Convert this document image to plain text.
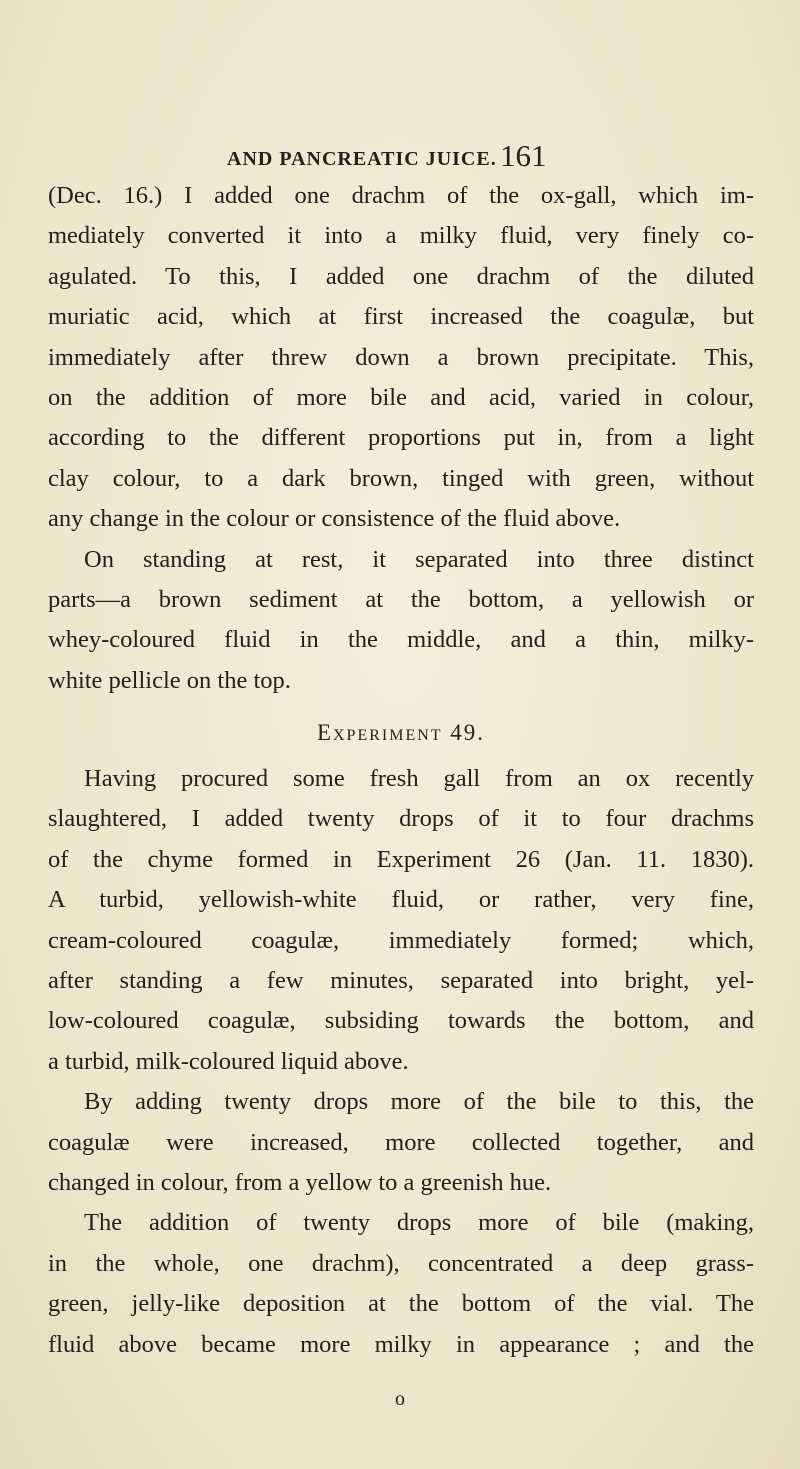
AND PANCREATIC JUICE. 161
(Dec. 16.) I added one drachm of the ox-gall, which im-
mediately converted it into a milky fluid, very finely co-
agulated. To this, I added one drachm of the diluted
muriatic acid, which at first increased the coagulæ, but
immediately after threw down a brown precipitate. This,
on the addition of more bile and acid, varied in colour,
according to the different proportions put in, from a light
clay colour, to a dark brown, tinged with green, without
any change in the colour or consistence of the fluid above.
On standing at rest, it separated into three distinct
parts—a brown sediment at the bottom, a yellowish or
whey-coloured fluid in the middle, and a thin, milky-
white pellicle on the top.
Experiment 49.
Having procured some fresh gall from an ox recently
slaughtered, I added twenty drops of it to four drachms
of the chyme formed in Experiment 26 (Jan. 11. 1830).
A turbid, yellowish-white fluid, or rather, very fine,
cream-coloured coagulæ, immediately formed; which,
after standing a few minutes, separated into bright, yel-
low-coloured coagulæ, subsiding towards the bottom, and
a turbid, milk-coloured liquid above.
By adding twenty drops more of the bile to this, the
coagulæ were increased, more collected together, and
changed in colour, from a yellow to a greenish hue.
The addition of twenty drops more of bile (making,
in the whole, one drachm), concentrated a deep grass-
green, jelly-like deposition at the bottom of the vial. The
fluid above became more milky in appearance ; and the
o
